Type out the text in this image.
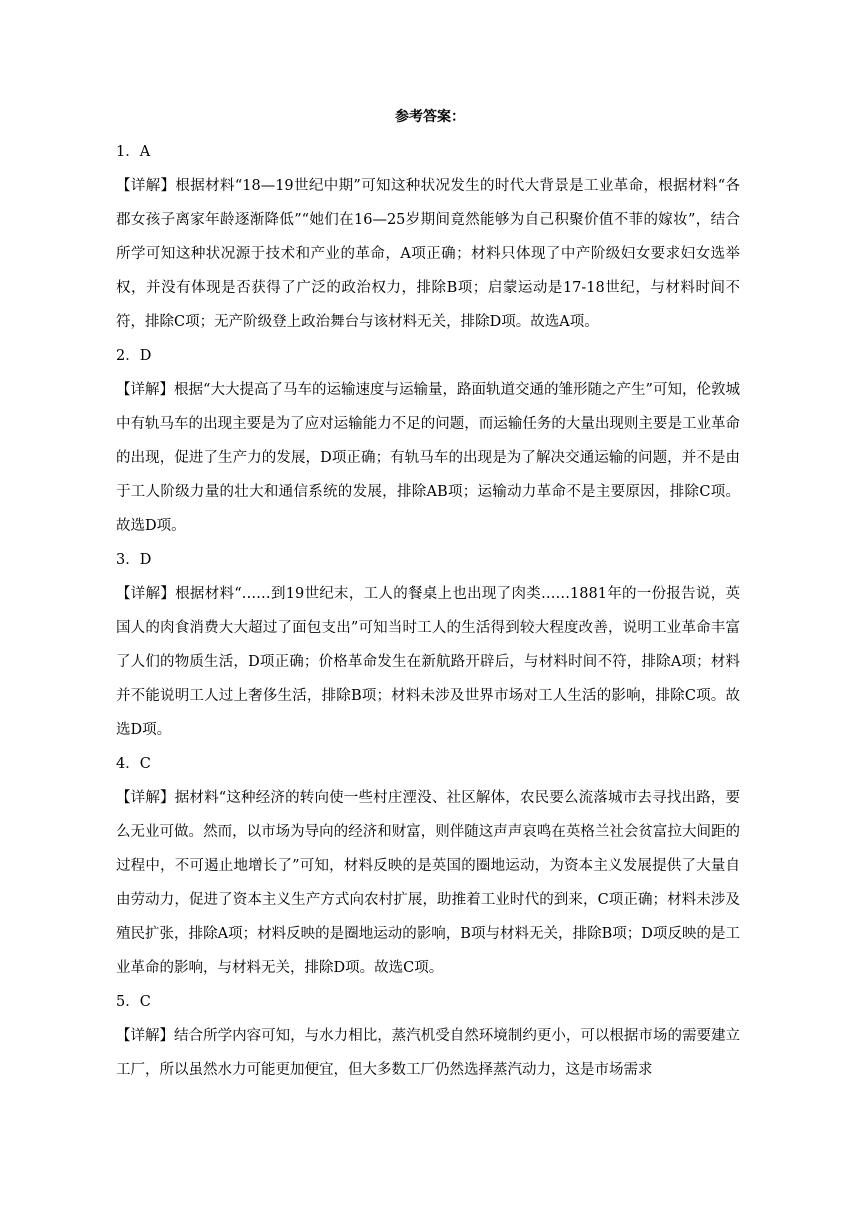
参考答案：

1．A

【详解】根据材料“18—19世纪中期”可知这种状况发生的时代大背景是工业革命，根据材料“各郡女孩子离家年龄逐渐降低”“她们在16—25岁期间竟然能够为自己积聚价值不菲的嫁妆”，结合所学可知这种状况源于技术和产业的革命，A项正确；材料只体现了中产阶级妇女要求妇女选举权，并没有体现是否获得了广泛的政治权力，排除B项；启蒙运动是17-18世纪，与材料时间不符，排除C项；无产阶级登上政治舞台与该材料无关，排除D项。故选A项。

2．D

【详解】根据“大大提高了马车的运输速度与运输量，路面轨道交通的雏形随之产生”可知，伦敦城中有轨马车的出现主要是为了应对运输能力不足的问题，而运输任务的大量出现则主要是工业革命的出现，促进了生产力的发展，D项正确；有轨马车的出现是为了解决交通运输的问题，并不是由于工人阶级力量的壮大和通信系统的发展，排除AB项；运输动力革命不是主要原因，排除C项。故选D项。

3．D

【详解】根据材料“……到19世纪末，工人的餐桌上也出现了肉类……1881年的一份报告说，英国人的肉食消费大大超过了面包支出”可知当时工人的生活得到较大程度改善，说明工业革命丰富了人们的物质生活，D项正确；价格革命发生在新航路开辟后，与材料时间不符，排除A项；材料并不能说明工人过上奢侈生活，排除B项；材料未涉及世界市场对工人生活的影响，排除C项。故选D项。

4．C

【详解】据材料“这种经济的转向使一些村庄湮没、社区解体，农民要么流落城市去寻找出路，要么无业可做。然而，以市场为导向的经济和财富，则伴随这声声哀鸣在英格兰社会贫富拉大间距的过程中，不可遏止地增长了”可知，材料反映的是英国的圈地运动，为资本主义发展提供了大量自由劳动力，促进了资本主义生产方式向农村扩展，助推着工业时代的到来，C项正确；材料未涉及殖民扩张，排除A项；材料反映的是圈地运动的影响，B项与材料无关，排除B项；D项反映的是工业革命的影响，与材料无关，排除D项。故选C项。

5．C

【详解】结合所学内容可知，与水力相比，蒸汽机受自然环境制约更小，可以根据市场的需要建立工厂，所以虽然水力可能更加便宜，但大多数工厂仍然选择蒸汽动力，这是市场需求
